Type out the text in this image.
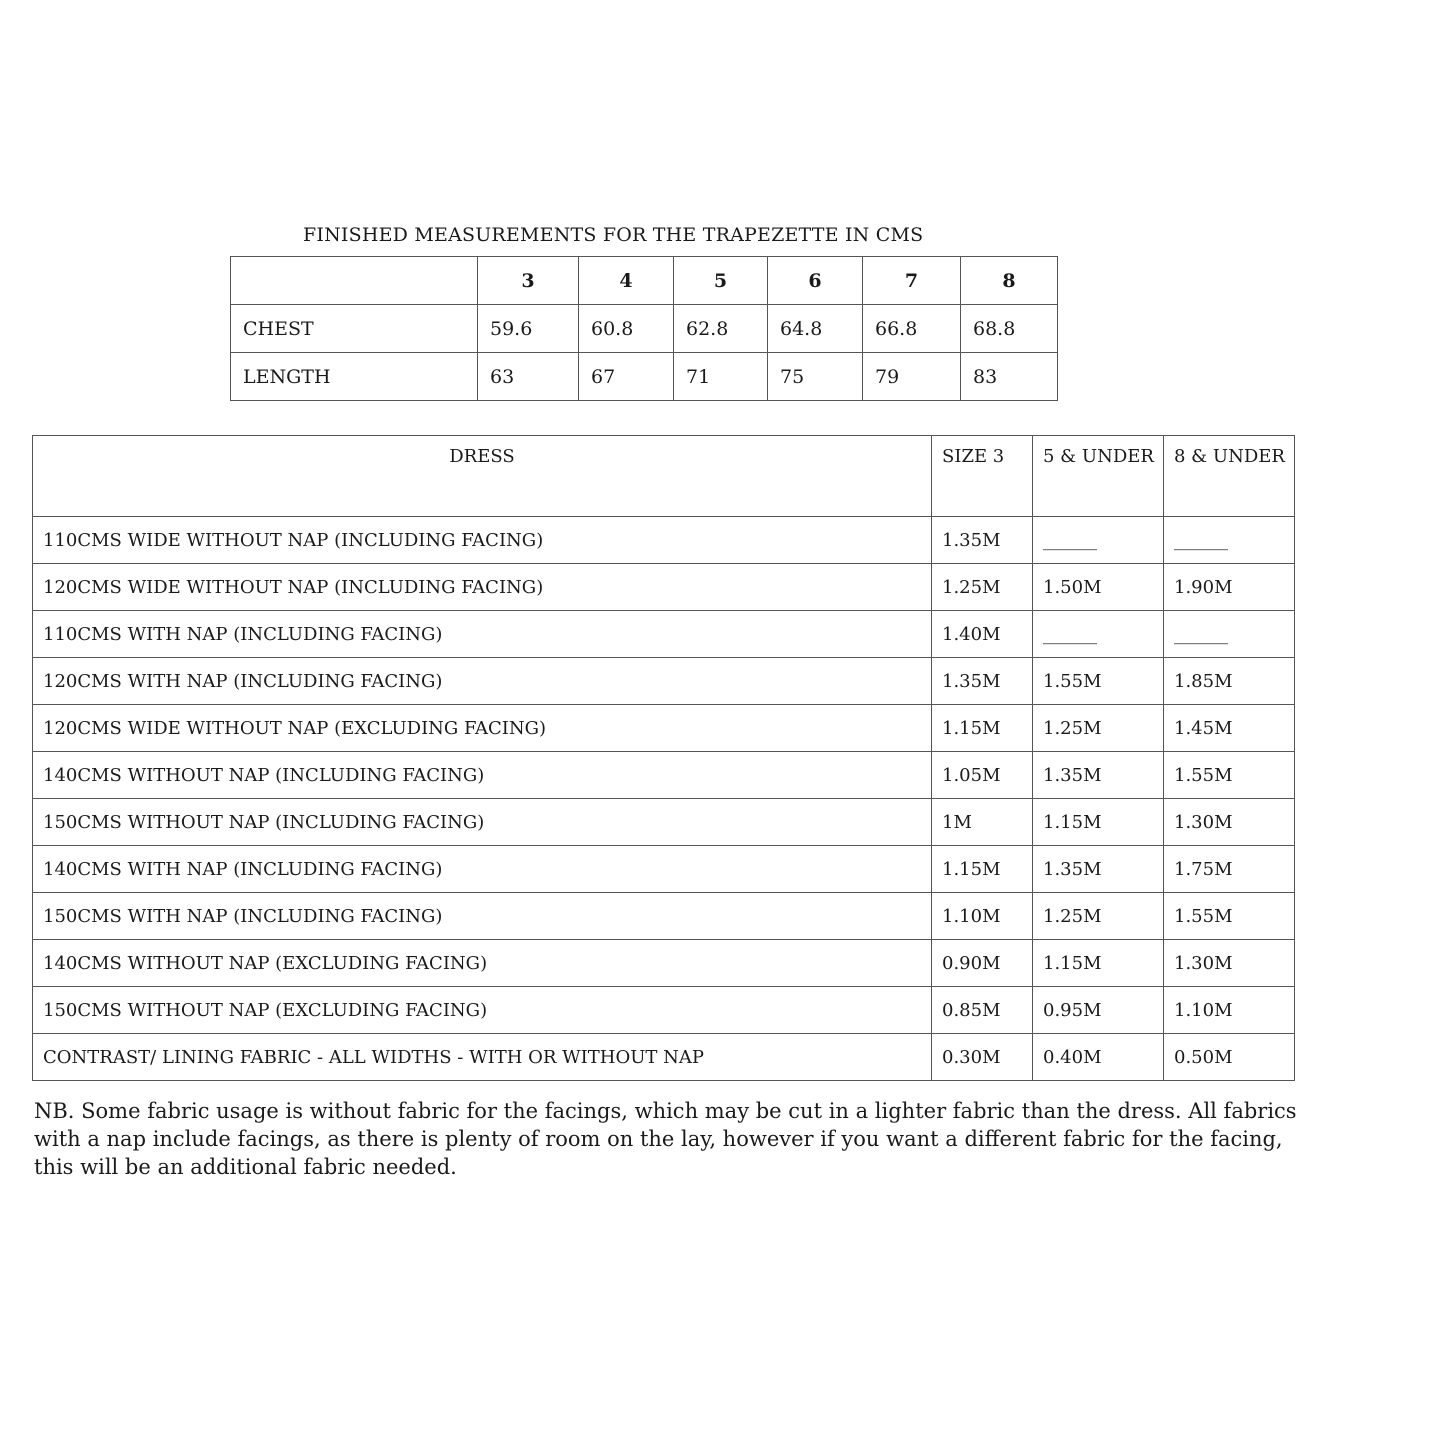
FINISHED MEASUREMENTS FOR THE TRAPEZETTE IN CMS
	3	4	5	6	7	8
CHEST	59.6	60.8	62.8	64.8	66.8	68.8
LENGTH	63	67	71	75	79	83
DRESS	SIZE 3	5 & UNDER	8 & UNDER
110CMS WIDE WITHOUT NAP (INCLUDING FACING)	1.35M	______	______
120CMS WIDE WITHOUT NAP (INCLUDING FACING)	1.25M	1.50M	1.90M
110CMS WITH NAP (INCLUDING FACING)	1.40M	______	______
120CMS WITH NAP (INCLUDING FACING)	1.35M	1.55M	1.85M
120CMS WIDE WITHOUT NAP (EXCLUDING FACING)	1.15M	1.25M	1.45M
140CMS WITHOUT NAP (INCLUDING FACING)	1.05M	1.35M	1.55M
150CMS WITHOUT NAP (INCLUDING FACING)	1M	1.15M	1.30M
140CMS WITH NAP (INCLUDING FACING)	1.15M	1.35M	1.75M
150CMS WITH NAP (INCLUDING FACING)	1.10M	1.25M	1.55M
140CMS WITHOUT NAP (EXCLUDING FACING)	0.90M	1.15M	1.30M
150CMS WITHOUT NAP (EXCLUDING FACING)	0.85M	0.95M	1.10M
CONTRAST/ LINING FABRIC - ALL WIDTHS - WITH OR WITHOUT NAP	0.30M	0.40M	0.50M
NB. Some fabric usage is without fabric for the facings, which may be cut in a lighter fabric than the dress. All fabrics with a nap include facings, as there is plenty of room on the lay, however if you want a different fabric for the facing, this will be an additional fabric needed.
